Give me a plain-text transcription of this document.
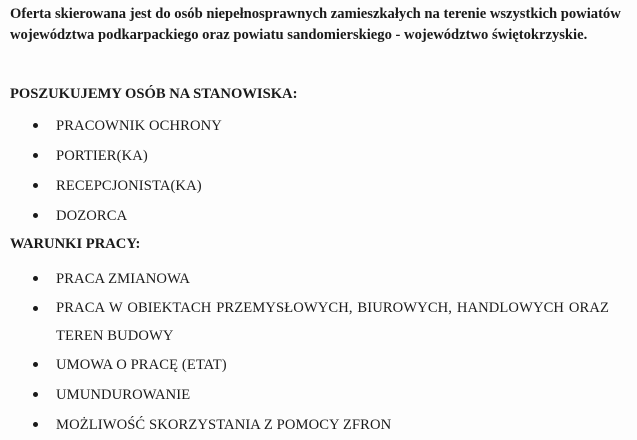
Oferta skierowana jest do osób niepełnosprawnych zamieszkałych na terenie wszystkich powiatów województwa podkarpackiego oraz powiatu sandomierskiego - województwo świętokrzyskie.

POSZUKUJEMY OSÓB NA STANOWISKA:

PRACOWNIK OCHRONY
PORTIER(KA)
RECEPCJONISTA(KA)
DOZORCA

WARUNKI PRACY:

PRACA ZMIANOWA
PRACA W OBIEKTACH PRZEMYSŁOWYCH, BIUROWYCH, HANDLOWYCH ORAZ TEREN BUDOWY
UMOWA O PRACĘ (ETAT)
UMUNDUROWANIE
MOŻLIWOŚĆ SKORZYSTANIA Z POMOCY ZFRON
